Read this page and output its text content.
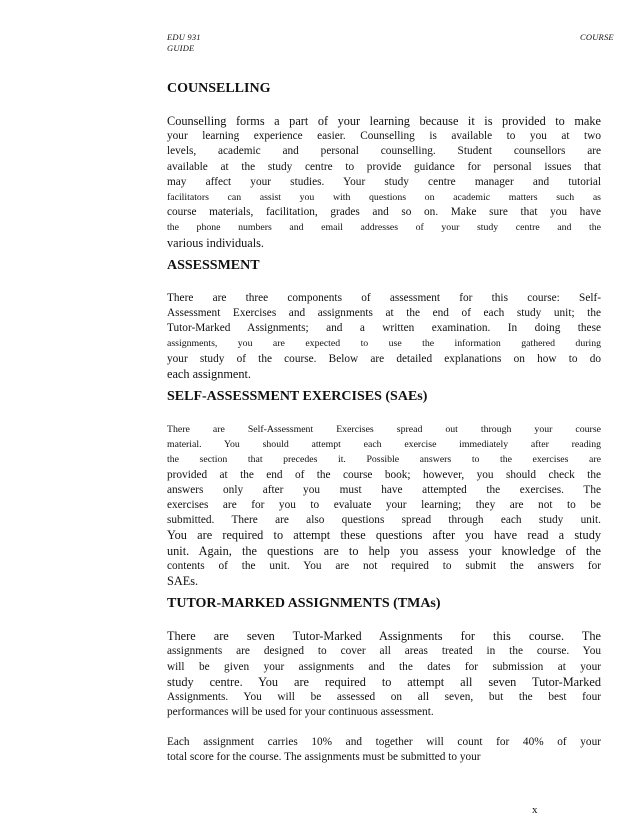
EDU 931
GUIDE
COURSE
COUNSELLING
Counselling forms a part of your learning because it is provided to make
your learning experience easier. Counselling is available to you at two
levels, academic and personal counselling. Student counsellors are
available at the study centre to provide guidance for personal issues that
may affect your studies. Your study centre manager and tutorial
facilitators can assist you with questions on academic matters such as
course materials, facilitation, grades and so on. Make sure that you have
the phone numbers and email addresses of your study centre and the
various individuals.
ASSESSMENT
There are three components of assessment for this course: Self-
Assessment Exercises and assignments at the end of each study unit; the
Tutor-Marked Assignments; and a written examination. In doing these
assignments, you are expected to use the information gathered during
your study of the course. Below are detailed explanations on how to do
each assignment.
SELF-ASSESSMENT EXERCISES (SAEs)
There are Self-Assessment Exercises spread out through your course
material. You should attempt each exercise immediately after reading
the section that precedes it. Possible answers to the exercises are
provided at the end of the course book; however, you should check the
answers only after you must have attempted the exercises. The
exercises are for you to evaluate your learning; they are not to be
submitted. There are also questions spread through each study unit.
You are required to attempt these questions after you have read a study
unit. Again, the questions are to help you assess your knowledge of the
contents of the unit. You are not required to submit the answers for
SAEs.
TUTOR-MARKED ASSIGNMENTS (TMAs)
There are seven Tutor-Marked Assignments for this course. The
assignments are designed to cover all areas treated in the course. You
will be given your assignments and the dates for submission at your
study centre. You are required to attempt all seven Tutor-Marked
Assignments. You will be assessed on all seven, but the best four
performances will be used for your continuous assessment.
Each assignment carries 10% and together will count for 40% of your
total score for the course. The assignments must be submitted to your
x
